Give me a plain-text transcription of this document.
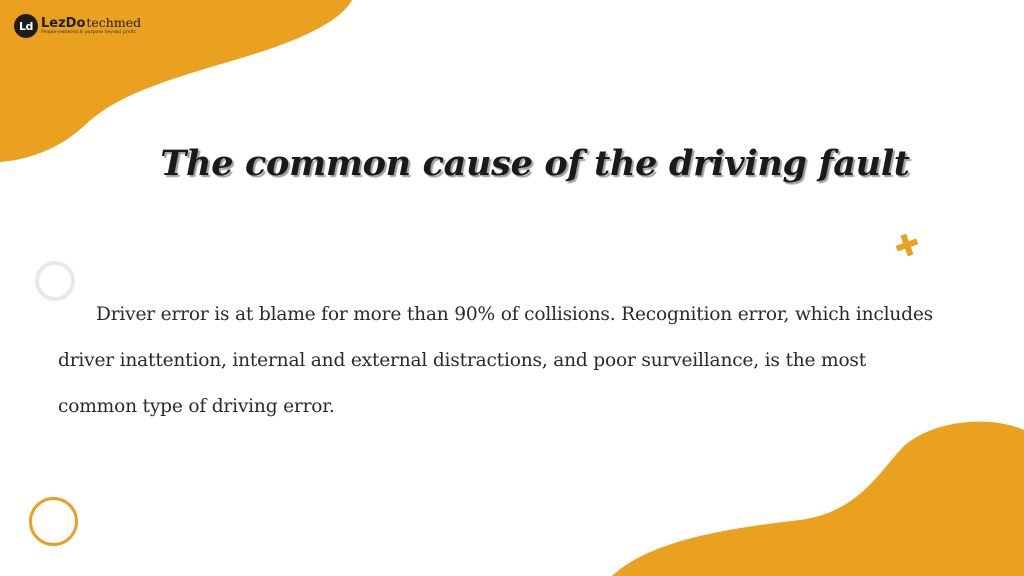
Ld LezDo techmed
People-centered & purpose beyond profit
The common cause of the driving fault

Driver error is at blame for more than 90% of collisions. Recognition error, which includes driver inattention, internal and external distractions, and poor surveillance, is the most common type of driving error.
